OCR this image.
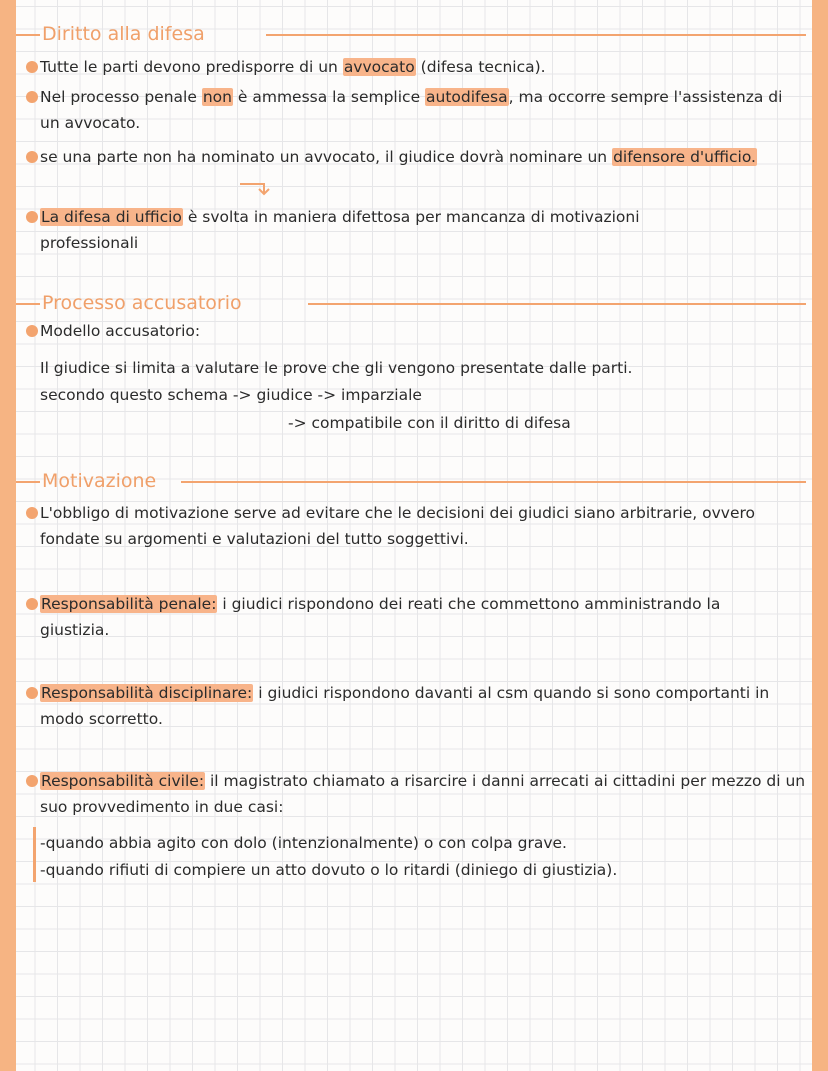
Diritto alla difesa
Tutte le parti devono predisporre di un avvocato (difesa tecnica).
Nel processo penale non è ammessa la semplice autodifesa, ma occorre sempre l'assistenza di un avvocato.
se una parte non ha nominato un avvocato, il giudice dovrà nominare un difensore d'ufficio.
La difesa di ufficio è svolta in maniera difettosa per mancanza di motivazioni professionali
Processo accusatorio
Modello accusatorio:
Il giudice si limita a valutare le prove che gli vengono presentate dalle parti.
secondo questo schema -> giudice -> imparziale
-> compatibile con il diritto di difesa
Motivazione
L'obbligo di motivazione serve ad evitare che le decisioni dei giudici siano arbitrarie, ovvero fondate su argomenti e valutazioni del tutto soggettivi.
Responsabilità penale: i giudici rispondono dei reati che commettono amministrando la giustizia.
Responsabilità disciplinare: i giudici rispondono davanti al csm quando si sono comportanti in modo scorretto.
Responsabilità civile: il magistrato chiamato a risarcire i danni arrecati ai cittadini per mezzo di un suo provvedimento in due casi:
-quando abbia agito con dolo (intenzionalmente) o con colpa grave.
-quando rifiuti di compiere un atto dovuto o lo ritardi (diniego di giustizia).
